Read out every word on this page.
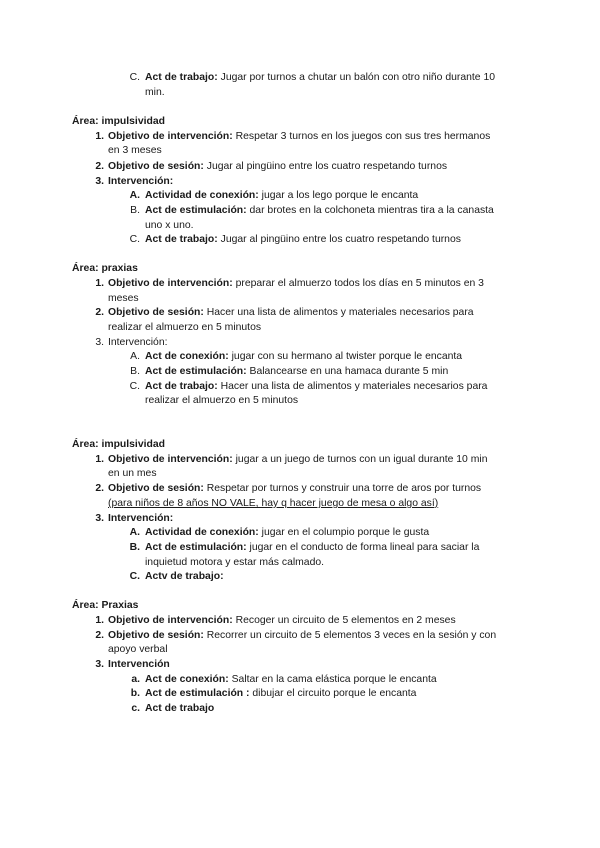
C. Act de trabajo: Jugar por turnos a chutar un balón con otro niño durante 10
min.
Área: impulsividad
1. Objetivo de intervención: Respetar 3 turnos en los juegos con sus tres hermanos
en 3 meses
2. Objetivo de sesión: Jugar al pingüino entre los cuatro respetando turnos
3. Intervención:
A. Actividad de conexión: jugar a los lego porque le encanta
B. Act de estimulación: dar brotes en la colchoneta mientras tira a la canasta
uno x uno.
C. Act de trabajo: Jugar al pingüino entre los cuatro respetando turnos
Área: praxias
1. Objetivo de intervención: preparar el almuerzo todos los días en 5 minutos en 3
meses
2. Objetivo de sesión: Hacer una lista de alimentos y materiales necesarios para
realizar el almuerzo en 5 minutos
3. Intervención:
A. Act de conexión: jugar con su hermano al twister porque le encanta
B. Act de estimulación: Balancearse en una hamaca durante 5 min
C. Act de trabajo: Hacer una lista de alimentos y materiales necesarios para
realizar el almuerzo en 5 minutos
Área: impulsividad
1. Objetivo de intervención: jugar a un juego de turnos con un igual durante 10 min
en un mes
2. Objetivo de sesión: Respetar por turnos y construir una torre de aros por turnos
(para niños de 8 años NO VALE, hay q hacer juego de mesa o algo así)
3. Intervención:
A. Actividad de conexión: jugar en el columpio porque le gusta
B. Act de estimulación: jugar en el conducto de forma lineal para saciar la
inquietud motora y estar más calmado.
C. Actv de trabajo:
Área: Praxias
1. Objetivo de intervención: Recoger un circuito de 5 elementos en 2 meses
2. Objetivo de sesión: Recorrer un circuito de 5 elementos 3 veces en la sesión y con
apoyo verbal
3. Intervención
a. Act de conexión: Saltar en la cama elástica porque le encanta
b. Act de estimulación : dibujar el circuito porque le encanta
c. Act de trabajo
